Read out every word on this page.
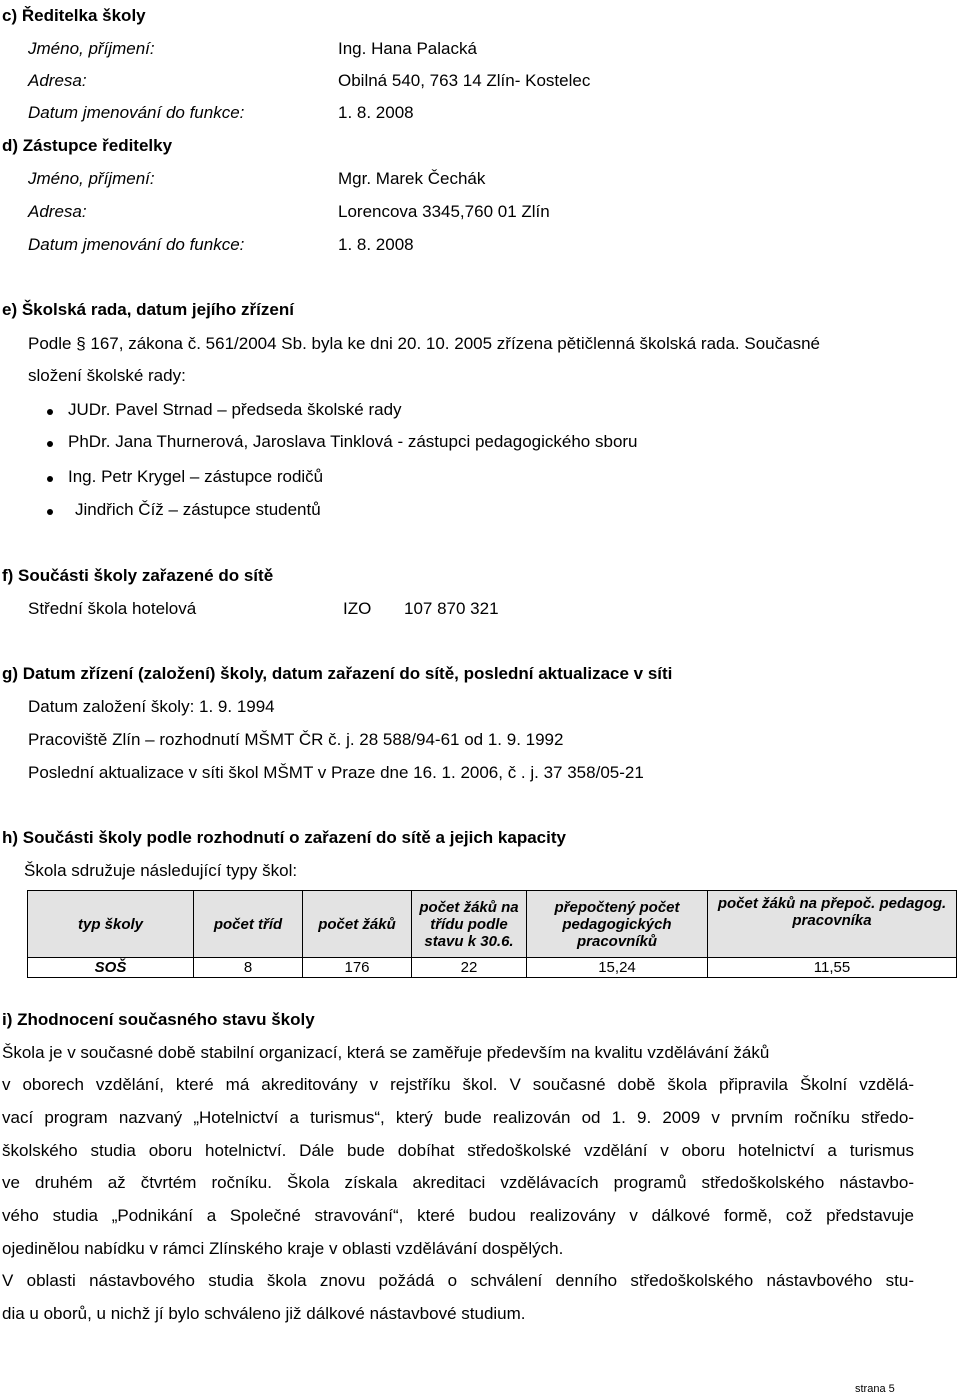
c) Ředitelka školy
Jméno, příjmení:	Ing. Hana Palacká
Adresa:	Obilná 540, 763 14 Zlín- Kostelec
Datum jmenování do funkce:	1. 8. 2008
d) Zástupce ředitelky
Jméno, příjmení:	Mgr. Marek Čechák
Adresa:	Lorencova 3345,760 01 Zlín
Datum jmenování do funkce:	1. 8. 2008
e) Školská rada, datum jejího zřízení
Podle § 167, zákona č. 561/2004 Sb. byla ke dni 20. 10. 2005 zřízena pětičlenná školská rada. Současné
složení školské rady:
JUDr. Pavel Strnad – předseda školské rady
PhDr. Jana Thurnerová, Jaroslava Tinklová - zástupci pedagogického sboru
Ing. Petr Krygel – zástupce rodičů
Jindřich Číž – zástupce studentů
f) Součásti školy zařazené do sítě
Střední škola hotelová	IZO 107 870 321
g) Datum zřízení (založení) školy, datum zařazení do sítě, poslední aktualizace v síti
Datum založení školy: 1. 9. 1994
Pracoviště Zlín – rozhodnutí MŠMT ČR č. j. 28 588/94-61 od 1. 9. 1992
Poslední aktualizace v síti škol MŠMT v Praze dne 16. 1. 2006, č . j. 37 358/05-21
h) Součásti školy podle rozhodnutí o zařazení do sítě a jejich kapacity
Škola sdružuje následující typy škol:
typ školy	počet tříd	počet žáků	počet žáků na třídu podle stavu k 30.6.	přepočtený počet pedagogických pracovníků	počet žáků na přepoč. pedagog. pracovníka
SOŠ	8	176	22	15,24	11,55
i) Zhodnocení současného stavu školy
Škola je v současné době stabilní organizací, která se zaměřuje především na kvalitu vzdělávání žáků
v oborech vzdělání, které má akreditovány v rejstříku škol. V současné době škola připravila Školní vzdělá-
vací program nazvaný „Hotelnictví a turismus“, který bude realizován od 1. 9. 2009 v prvním ročníku středo-
školského studia oboru hotelnictví. Dále bude dobíhat středoškolské vzdělání v oboru hotelnictví a turismus
ve druhém až čtvrtém ročníku. Škola získala akreditaci vzdělávacích programů středoškolského nástavbo-
vého studia „Podnikání a Společné stravování“, které budou realizovány v dálkové formě, což představuje
ojedinělou nabídku v rámci Zlínského kraje v oblasti vzdělávání dospělých.
V oblasti nástavbového studia škola znovu požádá o schválení denního středoškolského nástavbového stu-
dia u oborů, u nichž jí bylo schváleno již dálkové nástavbové studium.
strana 5
